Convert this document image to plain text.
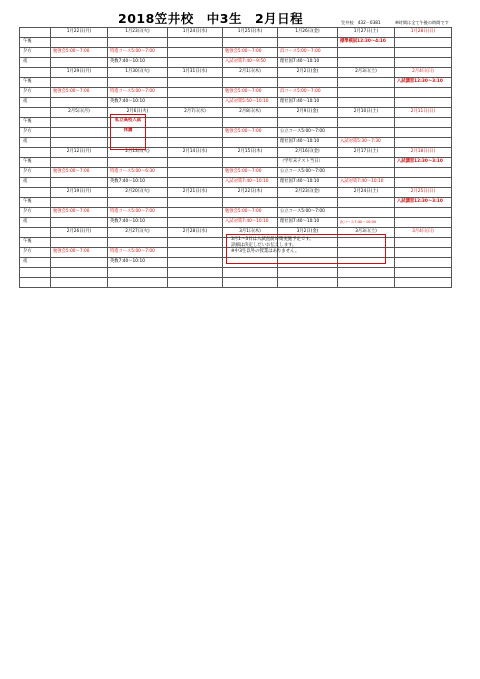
2018笠井校　中3生　2月日程	笠井校　432－0381	※時間は全て午後の時間です
	1月22日(月)	1月23日(火)	1月24日(水)	1月25日(木)	1月26日(金)	1月27日(土)	1月28日(日)
午後						標準模試12:30～4:10	
夕方	勉強会5:00～7:00	特進コース5:00～7:00		勉強会5:00～7:00	浜コース5:00～7:00		
夜		英数7:40～10:10		入試対策7:40～9:50	理社国7:40～10:10		
	1月29日(月)	1月30日(火)	1月31日(水)	2月1日(木)	2月2日(金)	2月3日(土)	2月4日(日)
午後							入試講習12:30～3:10
夕方	勉強会5:00～7:00	特進コース5:00～7:00		勉強会5:00～7:00	浜コース5:00～7:00		
夜		英数7:40～10:10		入試対策5:50～10:10	理社国7:40～10:10		
	2月5日(月)	2月6日(火)	2月7日(水)	2月8日(木)	2月9日(金)	2月10日(土)	2月11日(日)
午後							
夕方				勉強会5:00～7:00	公立コース5:00～7:00		
夜					理社国7:40～10:10	入試対策5:30～7:30	
	2月12日(月)	2月13日(火)	2月14日(水)	2月15日(木)	2月16日(金)	2月17日(土)	2月18日(日)
午後					（学年末テスト当日）		入試講習12:30～3:10
夕方	勉強会5:00～7:00	特進コース5:00～6:30		勉強会5:00～7:00	公立コース5:00～7:00		
夜		英数7:40～10:10		入試対策7:40～10:10	理社国7:40～10:10	入試対策7:40～10:10	
	2月19日(月)	2月20日(火)	2月21日(水)	2月22日(木)	2月23日(金)	2月24日(土)	2月25日(日)
午後							入試講習12:30～3:10
夕方	勉強会5:00～7:00	特進コース5:00～7:00		勉強会5:00～7:00	公立コース5:00～7:00		
夜		英数7:40～10:10		入試対策7:40～10:10	理社国7:40～10:10	浜コース7:40～10:00	
	2月26日(月)	2月27日(火)	2月28日(水)	3月1日(木)	3月2日(金)	3月3日(土)	3月4日(日)
午後							
夕方	勉強会5:00～7:00	特進コース5:00～7:00					
夜		英数7:40～10:10					

私立高校入試
休講
3月1～3日は入試直前対策実施予定です。
詳細は決定しだいお伝えします。
※中3生以外の授業はありません。
